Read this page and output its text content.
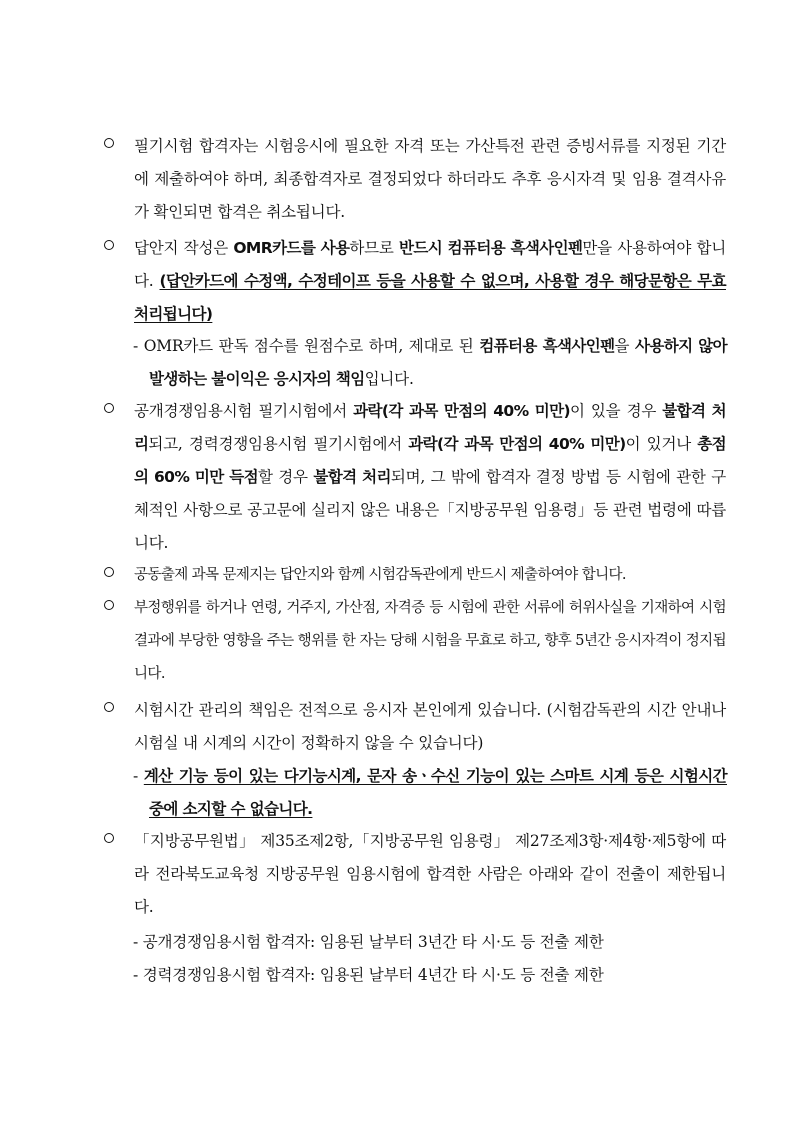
필기시험 합격자는 시험응시에 필요한 자격 또는 가산특전 관련 증빙서류를 지정된 기간에 제출하여야 하며, 최종합격자로 결정되었다 하더라도 추후 응시자격 및 임용 결격사유가 확인되면 합격은 취소됩니다.
답안지 작성은 OMR카드를 사용하므로 반드시 컴퓨터용 흑색사인펜만을 사용하여야 합니다. (답안카드에 수정액, 수정테이프 등을 사용할 수 없으며, 사용할 경우 해당문항은 무효 처리됩니다)
- OMR카드 판독 점수를 원점수로 하며, 제대로 된 컴퓨터용 흑색사인펜을 사용하지 않아 발생하는 불이익은 응시자의 책임입니다.
공개경쟁임용시험 필기시험에서 과락(각 과목 만점의 40% 미만)이 있을 경우 불합격 처리되고, 경력경쟁임용시험 필기시험에서 과락(각 과목 만점의 40% 미만)이 있거나 총점의 60% 미만 득점할 경우 불합격 처리되며, 그 밖에 합격자 결정 방법 등 시험에 관한 구체적인 사항으로 공고문에 실리지 않은 내용은「지방공무원 임용령」등 관련 법령에 따릅니다.
공동출제 과목 문제지는 답안지와 함께 시험감독관에게 반드시 제출하여야 합니다.
부정행위를 하거나 연령, 거주지, 가산점, 자격증 등 시험에 관한 서류에 허위사실을 기재하여 시험결과에 부당한 영향을 주는 행위를 한 자는 당해 시험을 무효로 하고, 향후 5년간 응시자격이 정지됩니다.
시험시간 관리의 책임은 전적으로 응시자 본인에게 있습니다. (시험감독관의 시간 안내나 시험실 내 시계의 시간이 정확하지 않을 수 있습니다)
- 계산 기능 등이 있는 다기능시계, 문자 송ㆍ수신 기능이 있는 스마트 시계 등은 시험시간 중에 소지할 수 없습니다.
「지방공무원법」 제35조제2항,「지방공무원 임용령」 제27조제3항·제4항·제5항에 따라 전라북도교육청 지방공무원 임용시험에 합격한 사람은 아래와 같이 전출이 제한됩니다.
- 공개경쟁임용시험 합격자: 임용된 날부터 3년간 타 시·도 등 전출 제한
- 경력경쟁임용시험 합격자: 임용된 날부터 4년간 타 시·도 등 전출 제한
